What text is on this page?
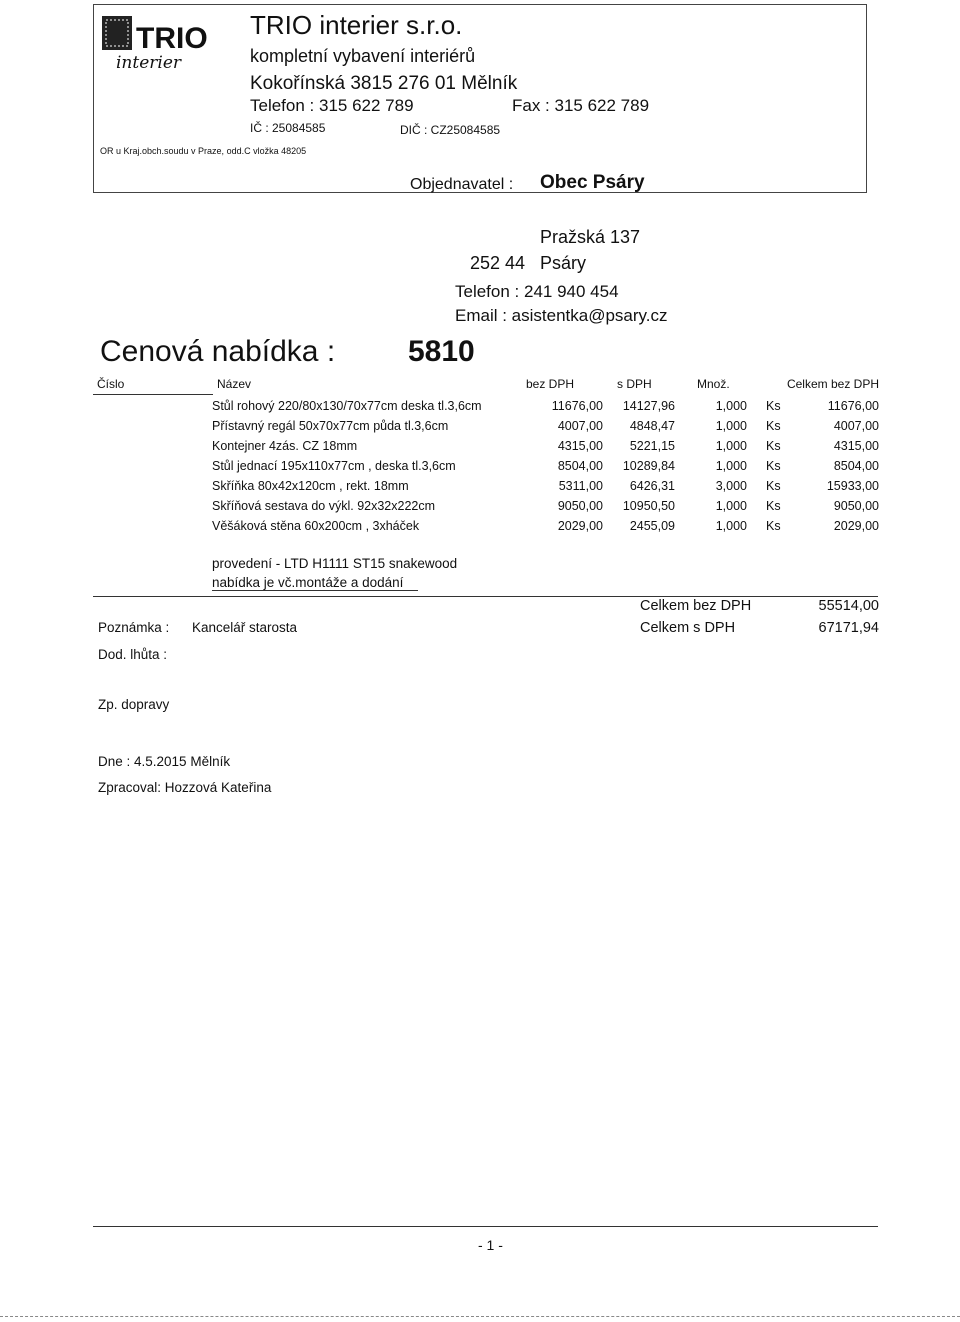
TRIO
interier
TRIO interier s.r.o.
kompletní vybavení interiérů
Kokořínská 3815 276 01 Mělník
Telefon : 315 622 789	Fax : 315 622 789
IČ : 25084585	DIČ : CZ25084585
OR u Kraj.obch.soudu v Praze, odd.C vložka 48205
Objednavatel : Obec Psáry
Pražská 137
252 44 Psáry
Telefon : 241 940 454
Email : asistentka@psary.cz
Cenová nabídka : 5810
Číslo	Název	bez DPH	s DPH	Množ.	Celkem bez DPH
Stůl rohový 220/80x130/70x77cm deska tl.3,6cm	11676,00 14127,96	1,000 Ks	11676,00
Přístavný regál 50x70x77cm půda tl.3,6cm	4007,00 4848,47	1,000 Ks	4007,00
Kontejner 4zás. CZ 18mm	4315,00 5221,15	1,000 Ks	4315,00
Stůl jednací 195x110x77cm , deska tl.3,6cm	8504,00 10289,84	1,000 Ks	8504,00
Skříňka 80x42x120cm , rekt. 18mm	5311,00 6426,31	3,000 Ks	15933,00
Skříňová sestava do výkl. 92x32x222cm	9050,00 10950,50	1,000 Ks	9050,00
Věšáková stěna 60x200cm , 3xháček	2029,00 2455,09	1,000 Ks	2029,00
provedení - LTD H1111 ST15 snakewood
nabídka je vč.montáže a dodání
Celkem bez DPH	55514,00
Celkem s DPH	67171,94
Poznámka : Kancelář starosta
Dod. lhůta :
Zp. dopravy
Dne : 4.5.2015 Mělník
Zpracoval: Hozzová Kateřina
- 1 -
